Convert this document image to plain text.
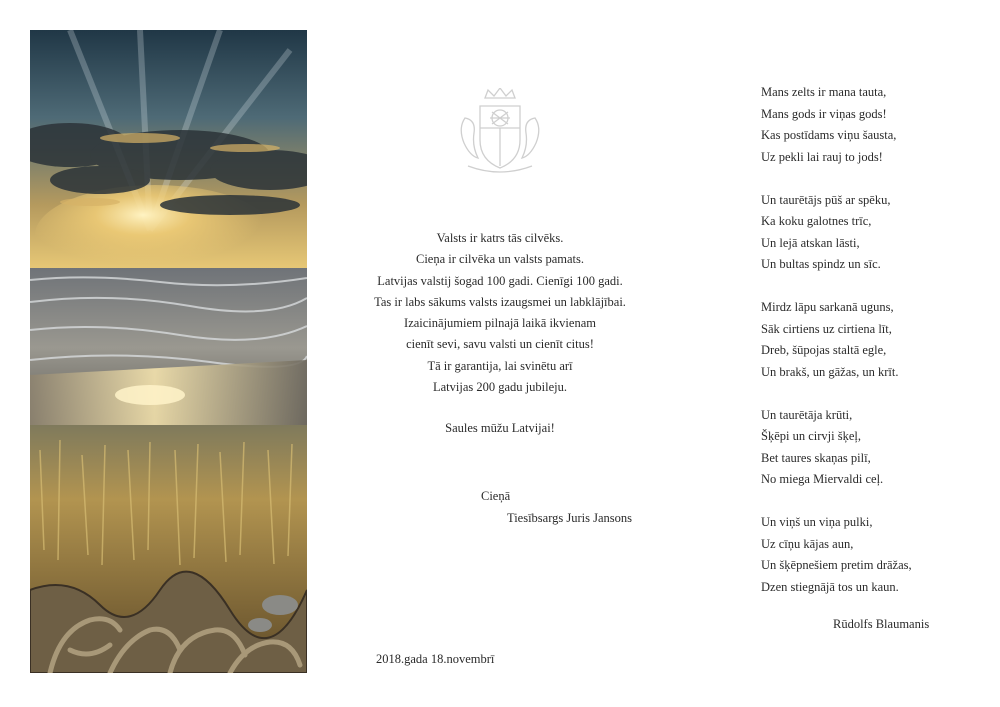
Valsts ir katrs tās cilvēks.
Cieņa ir cilvēka un valsts pamats.
Latvijas valstij šogad 100 gadi. Cienīgi 100 gadi.
Tas ir labs sākums valsts izaugsmei un labklājībai.
Izaicinājumiem pilnajā laikā ikvienam
cienīt sevi, savu valsti un cienīt citus!
Tā ir garantija, lai svinētu arī
Latvijas 200 gadu jubileju.
Saules mūžu Latvijai!
Cieņā
Tiesībsargs Juris Jansons
2018.gada 18.novembrī
Mans zelts ir mana tauta,
Mans gods ir viņas gods!
Kas postīdams viņu šausta,
Uz pekli lai rauj to jods!
Un taurētājs pūš ar spēku,
Ka koku galotnes trīc,
Un lejā atskan lāsti,
Un bultas spindz un sīc.
Mirdz lāpu sarkanā uguns,
Sāk cirtiens uz cirtiena līt,
Dreb, šūpojas staltā egle,
Un brakš, un gāžas, un krīt.
Un taurētāja krūti,
Šķēpi un cirvji šķeļ,
Bet taures skaņas pilī,
No miega Miervaldi ceļ.
Un viņš un viņa pulki,
Uz cīņu kājas aun,
Un šķēpnešiem pretim drāžas,
Dzen stiegnājā tos un kaun.
Rūdolfs Blaumanis
